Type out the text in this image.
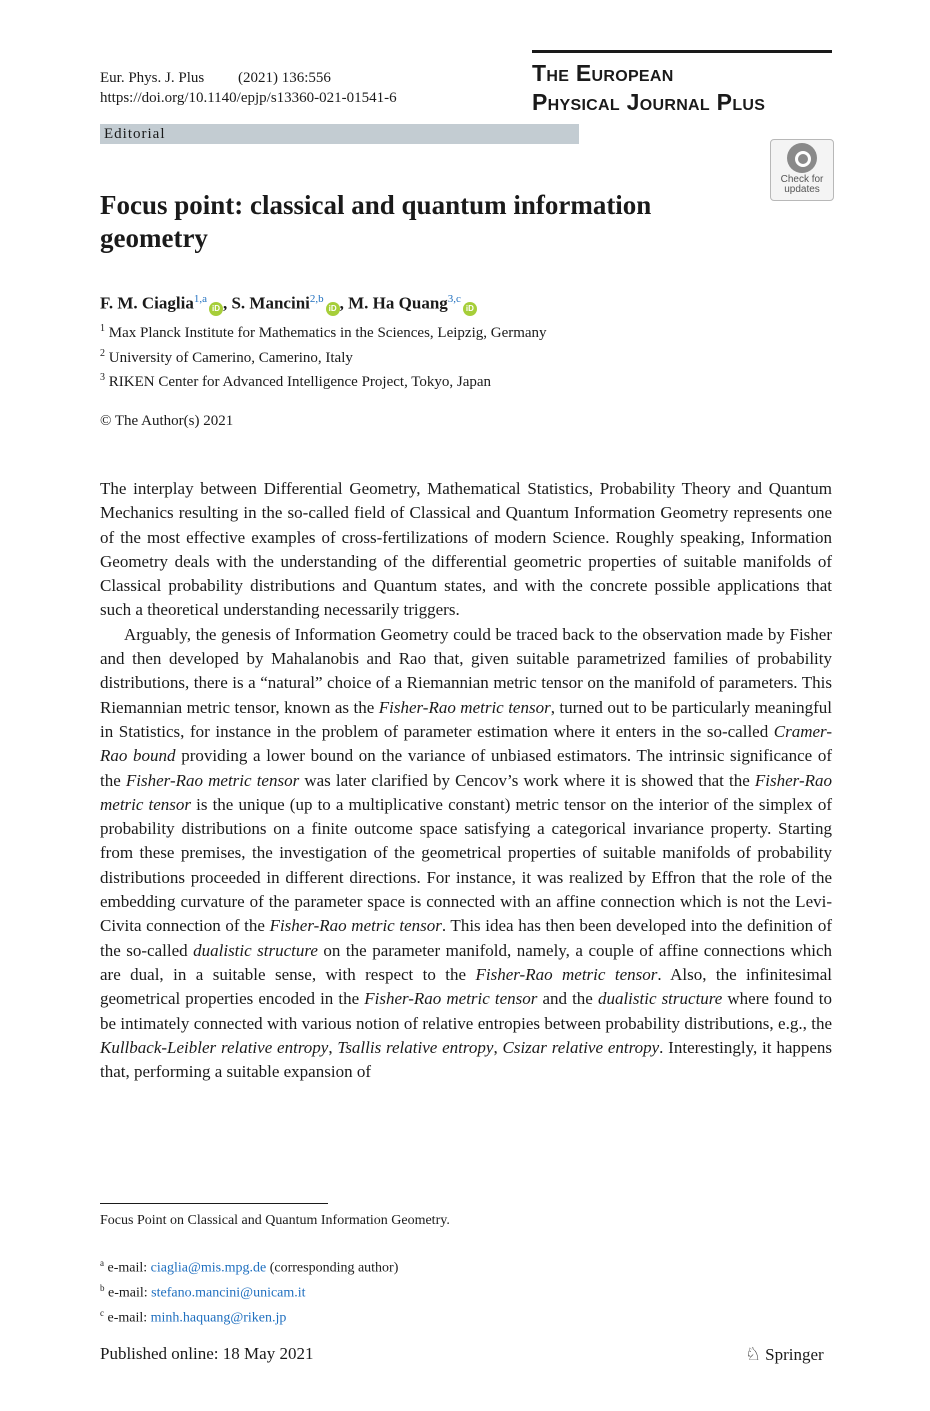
Eur. Phys. J. Plus (2021) 136:556
https://doi.org/10.1140/epjp/s13360-021-01541-6
The European
Physical Journal Plus
Editorial
Check for updates
Focus point: classical and quantum information geometry
F. M. Ciaglia$^{1,a}$iD , S. Mancini$^{2,b}$iD , M. Ha Quang$^{3,c}$iD
$^1$ Max Planck Institute for Mathematics in the Sciences, Leipzig, Germany
$^2$ University of Camerino, Camerino, Italy
$^3$ RIKEN Center for Advanced Intelligence Project, Tokyo, Japan
© The Author(s) 2021

The interplay between Differential Geometry, Mathematical Statistics, Probability Theory and Quantum Mechanics resulting in the so-called field of Classical and Quantum Information Geometry represents one of the most effective examples of cross-fertilizations of modern Science. Roughly speaking, Information Geometry deals with the understanding of the differential geometric properties of suitable manifolds of Classical probability distributions and Quantum states, and with the concrete possible applications that such a theoretical understanding necessarily triggers.

Arguably, the genesis of Information Geometry could be traced back to the observation made by Fisher and then developed by Mahalanobis and Rao that, given suitable parametrized families of probability distributions, there is a “natural” choice of a Riemannian metric tensor on the manifold of parameters. This Riemannian metric tensor, known as the Fisher-Rao metric tensor, turned out to be particularly meaningful in Statistics, for instance in the problem of parameter estimation where it enters in the so-called Cramer-Rao bound providing a lower bound on the variance of unbiased estimators. The intrinsic significance of the Fisher-Rao metric tensor was later clarified by Cencov’s work where it is showed that the Fisher-Rao metric tensor is the unique (up to a multiplicative constant) metric tensor on the interior of the simplex of probability distributions on a finite outcome space satisfying a categorical invariance property. Starting from these premises, the investigation of the geometrical properties of suitable manifolds of probability distributions proceeded in different directions. For instance, it was realized by Effron that the role of the embedding curvature of the parameter space is connected with an affine connection which is not the Levi-Civita connection of the Fisher-Rao metric tensor. This idea has then been developed into the definition of the so-called dualistic structure on the parameter manifold, namely, a couple of affine connections which are dual, in a suitable sense, with respect to the Fisher-Rao metric tensor. Also, the infinitesimal geometrical properties encoded in the Fisher-Rao metric tensor and the dualistic structure where found to be intimately connected with various notion of relative entropies between probability distributions, e.g., the Kullback-Leibler relative entropy, Tsallis relative entropy, Csizar relative entropy. Interestingly, it happens that, performing a suitable expansion of

Focus Point on Classical and Quantum Information Geometry.
$^a$ e-mail: ciaglia@mis.mpg.de (corresponding author)
$^b$ e-mail: stefano.mancini@unicam.it
$^c$ e-mail: minh.haquang@riken.jp
Published online: 18 May 2021	♘ Springer
